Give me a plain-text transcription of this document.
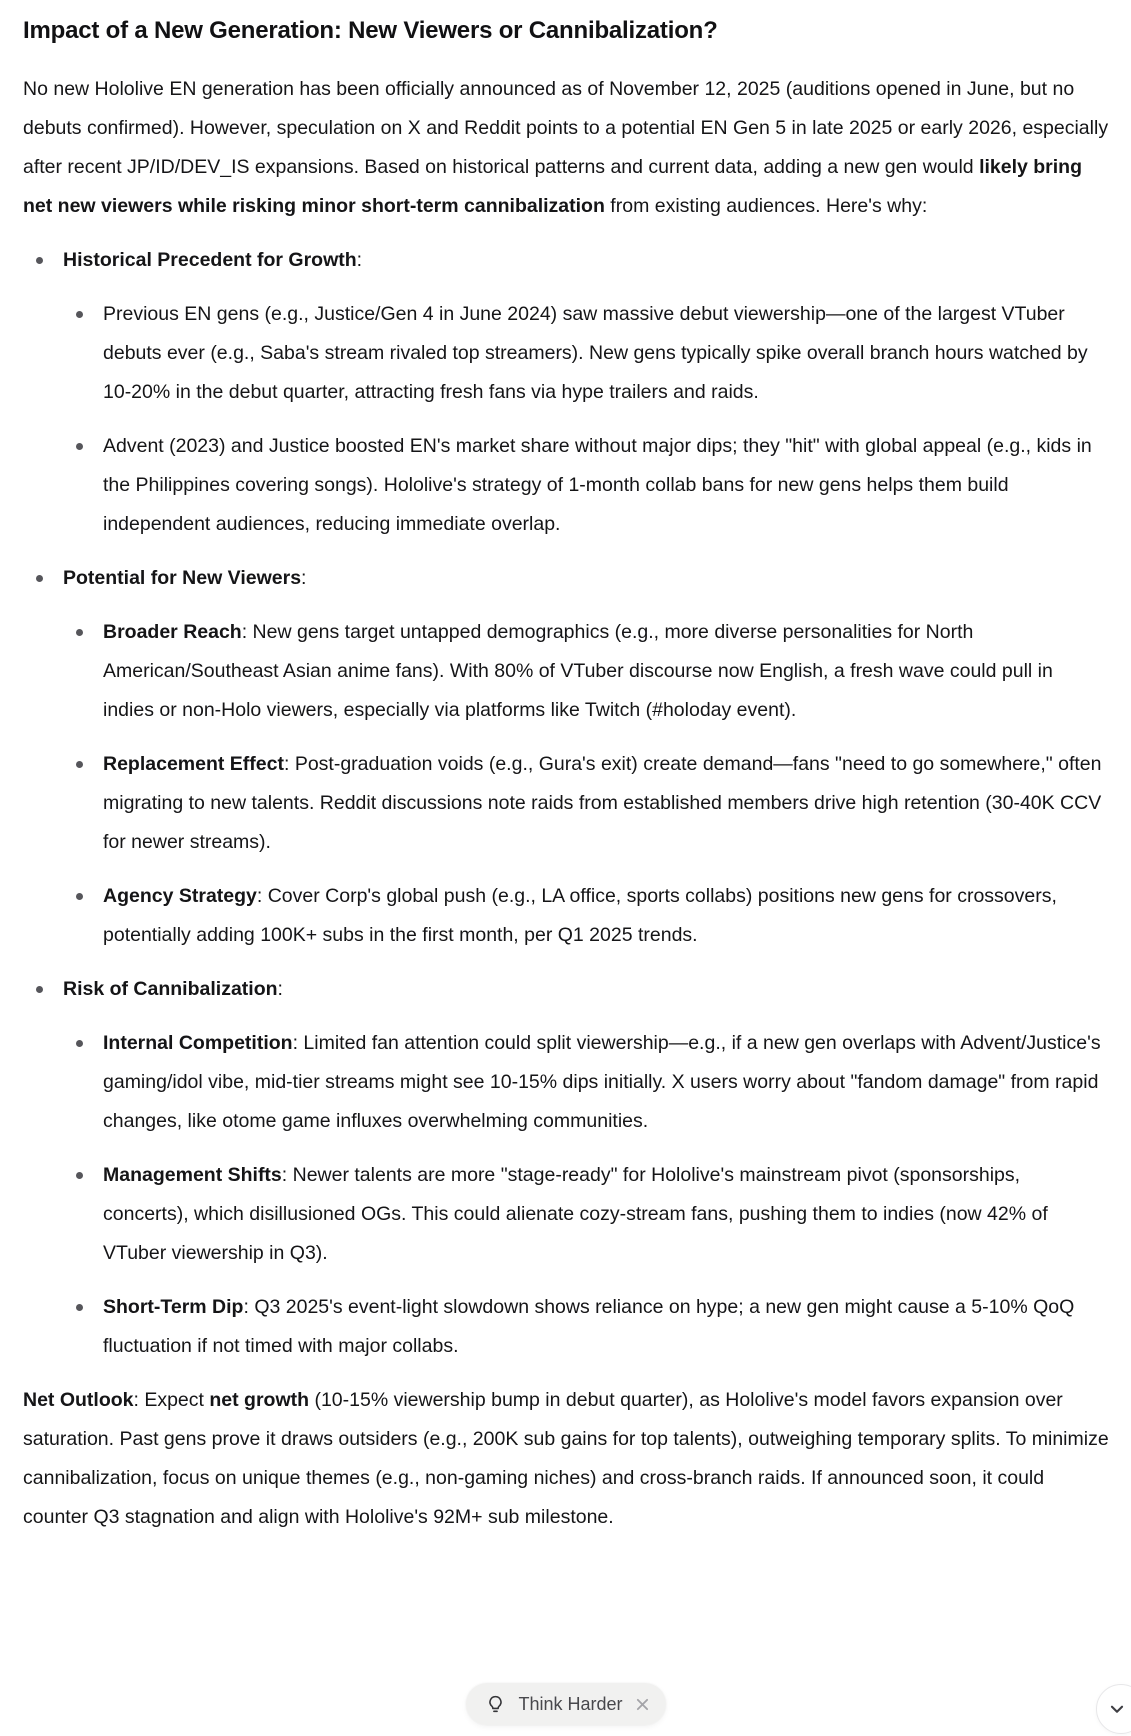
Impact of a New Generation: New Viewers or Cannibalization?

No new Hololive EN generation has been officially announced as of November 12, 2025 (auditions opened in June, but no debuts confirmed). However, speculation on X and Reddit points to a potential EN Gen 5 in late 2025 or early 2026, especially after recent JP/ID/DEV_IS expansions. Based on historical patterns and current data, adding a new gen would likely bring net new viewers while risking minor short-term cannibalization from existing audiences. Here's why:

Historical Precedent for Growth:
Previous EN gens (e.g., Justice/Gen 4 in June 2024) saw massive debut viewership—one of the largest VTuber debuts ever (e.g., Saba's stream rivaled top streamers). New gens typically spike overall branch hours watched by 10-20% in the debut quarter, attracting fresh fans via hype trailers and raids.
Advent (2023) and Justice boosted EN's market share without major dips; they "hit" with global appeal (e.g., kids in the Philippines covering songs). Hololive's strategy of 1-month collab bans for new gens helps them build independent audiences, reducing immediate overlap.
Potential for New Viewers:
Broader Reach: New gens target untapped demographics (e.g., more diverse personalities for North American/Southeast Asian anime fans). With 80% of VTuber discourse now English, a fresh wave could pull in indies or non-Holo viewers, especially via platforms like Twitch (#holoday event).
Replacement Effect: Post-graduation voids (e.g., Gura's exit) create demand—fans "need to go somewhere," often migrating to new talents. Reddit discussions note raids from established members drive high retention (30-40K CCV for newer streams).
Agency Strategy: Cover Corp's global push (e.g., LA office, sports collabs) positions new gens for crossovers, potentially adding 100K+ subs in the first month, per Q1 2025 trends.
Risk of Cannibalization:
Internal Competition: Limited fan attention could split viewership—e.g., if a new gen overlaps with Advent/Justice's gaming/idol vibe, mid-tier streams might see 10-15% dips initially. X users worry about "fandom damage" from rapid changes, like otome game influxes overwhelming communities.
Management Shifts: Newer talents are more "stage-ready" for Hololive's mainstream pivot (sponsorships, concerts), which disillusioned OGs. This could alienate cozy-stream fans, pushing them to indies (now 42% of VTuber viewership in Q3).
Short-Term Dip: Q3 2025's event-light slowdown shows reliance on hype; a new gen might cause a 5-10% QoQ fluctuation if not timed with major collabs.

Net Outlook: Expect net growth (10-15% viewership bump in debut quarter), as Hololive's model favors expansion over saturation. Past gens prove it draws outsiders (e.g., 200K sub gains for top talents), outweighing temporary splits. To minimize cannibalization, focus on unique themes (e.g., non-gaming niches) and cross-branch raids. If announced soon, it could counter Q3 stagnation and align with Hololive's 92M+ sub milestone.

Think Harder
